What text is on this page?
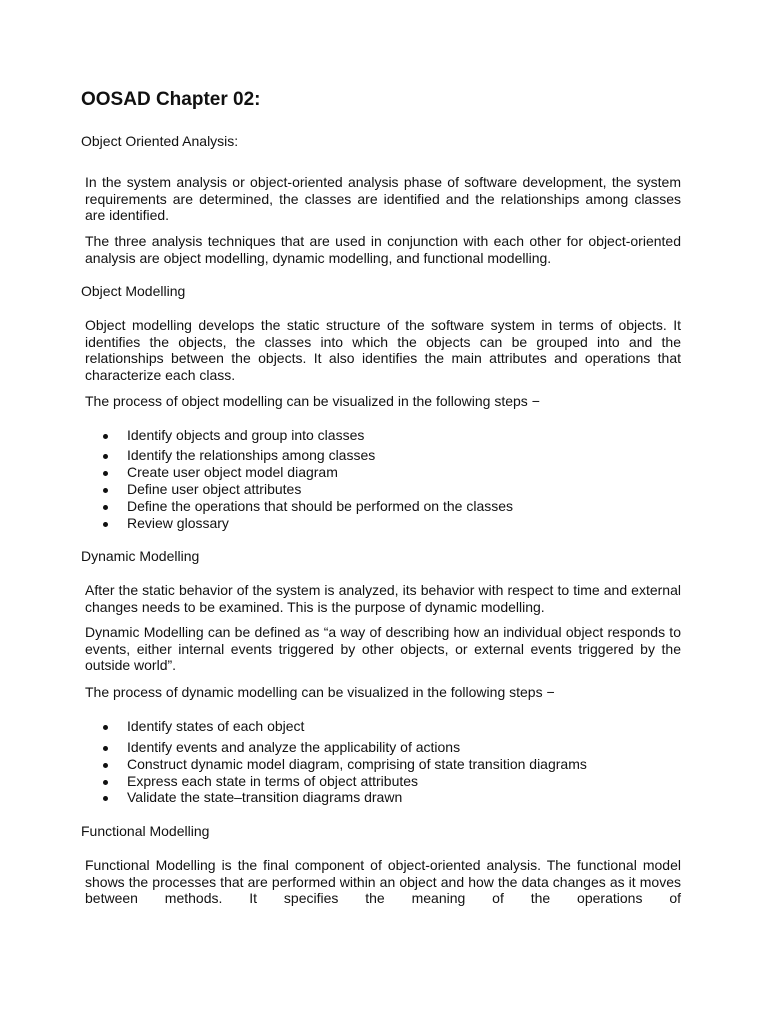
OOSAD Chapter 02:

Object Oriented Analysis:

In the system analysis or object-oriented analysis phase of software development, the system requirements are determined, the classes are identified and the relationships among classes are identified.

The three analysis techniques that are used in conjunction with each other for object-oriented analysis are object modelling, dynamic modelling, and functional modelling.

Object Modelling

Object modelling develops the static structure of the software system in terms of objects. It identifies the objects, the classes into which the objects can be grouped into and the relationships between the objects. It also identifies the main attributes and operations that characterize each class.

The process of object modelling can be visualized in the following steps −

Identify objects and group into classes
Identify the relationships among classes
Create user object model diagram
Define user object attributes
Define the operations that should be performed on the classes
Review glossary

Dynamic Modelling

After the static behavior of the system is analyzed, its behavior with respect to time and external changes needs to be examined. This is the purpose of dynamic modelling.

Dynamic Modelling can be defined as “a way of describing how an individual object responds to events, either internal events triggered by other objects, or external events triggered by the outside world”.

The process of dynamic modelling can be visualized in the following steps −

Identify states of each object
Identify events and analyze the applicability of actions
Construct dynamic model diagram, comprising of state transition diagrams
Express each state in terms of object attributes
Validate the state–transition diagrams drawn

Functional Modelling

Functional Modelling is the final component of object-oriented analysis. The functional model shows the processes that are performed within an object and how the data changes as it moves between methods. It specifies the meaning of the operations of
